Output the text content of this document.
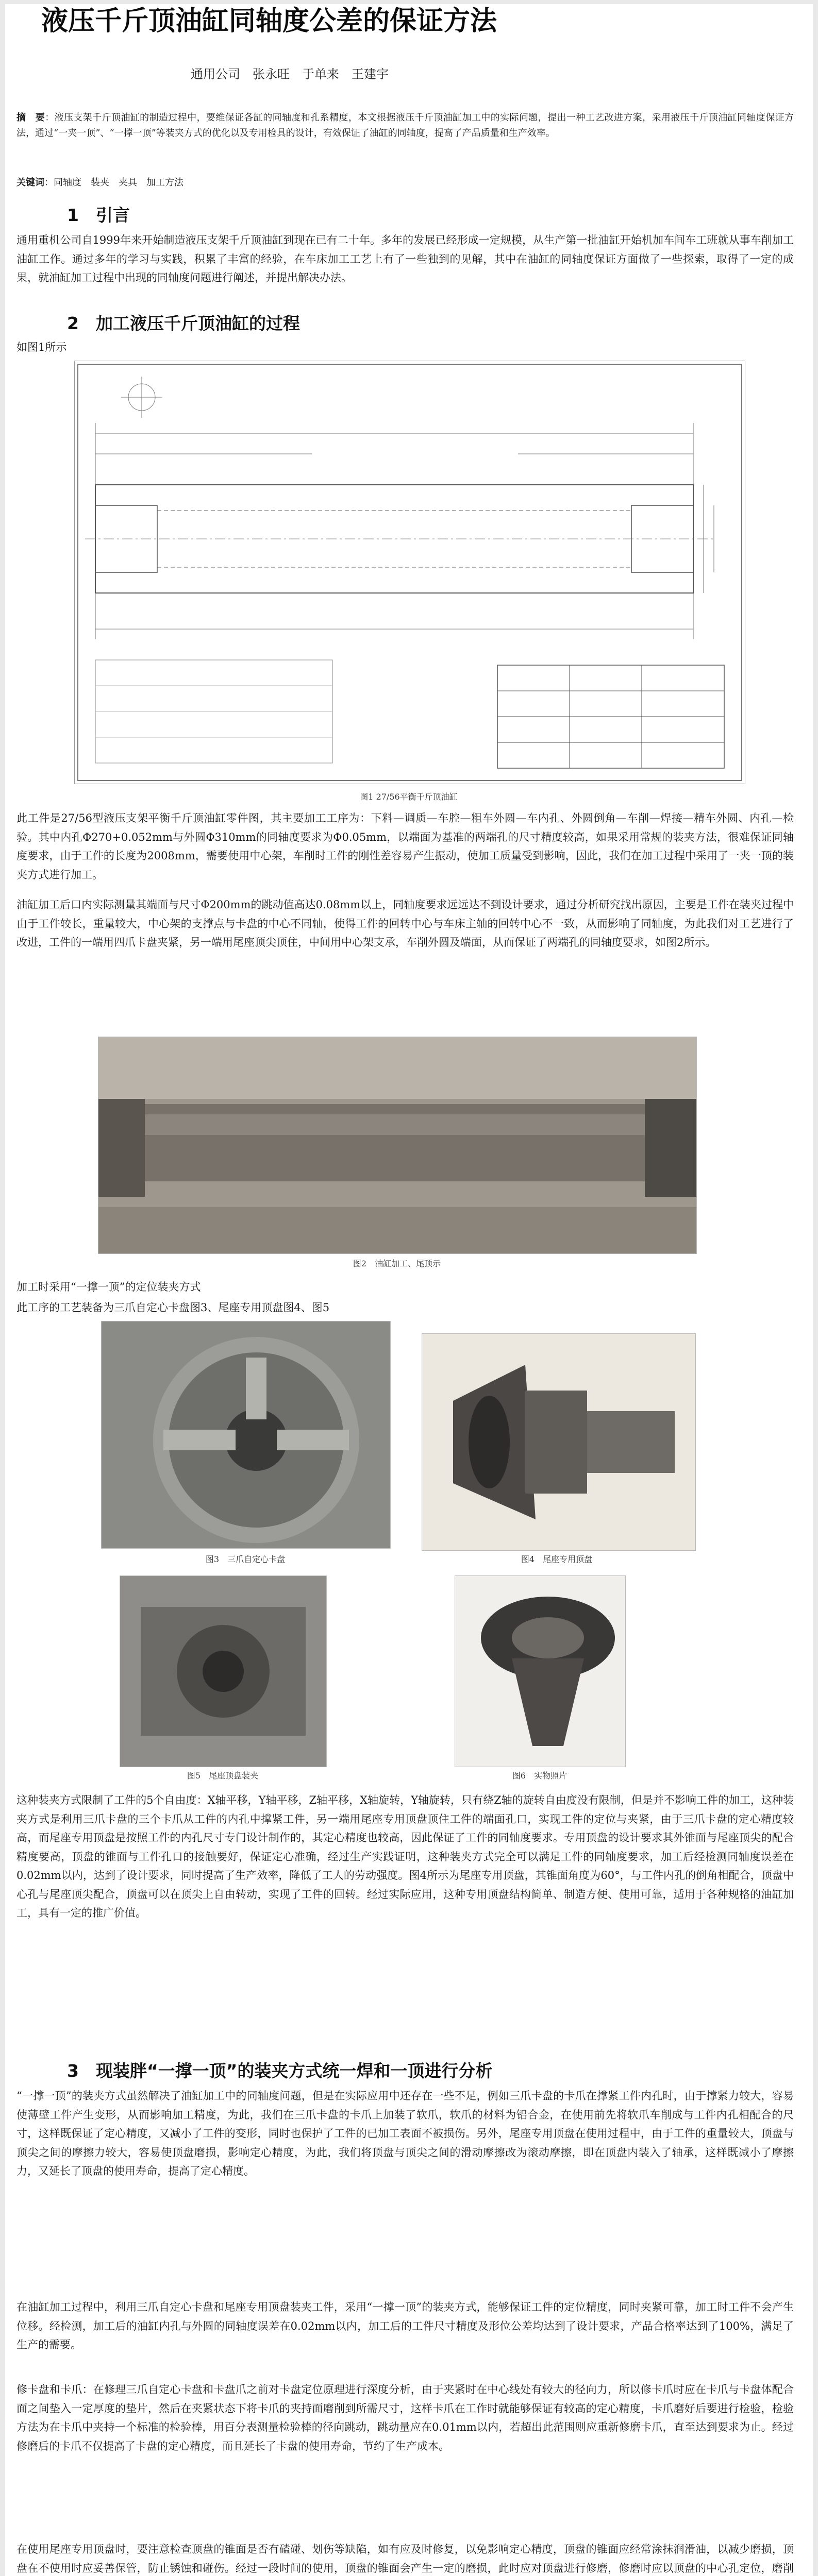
液压千斤顶油缸同轴度公差的保证方法
通用公司　张永旺　于单来　王建宇

摘　要：液压支架千斤顶油缸的制造过程中，要维保证各缸的同轴度和孔系精度，本文根据液压千斤顶油缸加工中的实际问题，提出一种工艺改进方案，采用液压千斤顶油缸同轴度保证方法，通过“一夹一顶”、“一撑一顶”等装夹方式的优化以及专用检具的设计，有效保证了油缸的同轴度，提高了产品质量和生产效率。

关键词：同轴度　装夹　夹具　加工方法

1　引言

通用重机公司自1999年来开始制造液压支架千斤顶油缸到现在已有二十年。多年的发展已经形成一定规模，从生产第一批油缸开始机加车间车工班就从事车削加工油缸工作。通过多年的学习与实践，积累了丰富的经验，在车床加工工艺上有了一些独到的见解，其中在油缸的同轴度保证方面做了一些探索，取得了一定的成果，就油缸加工过程中出现的同轴度问题进行阐述，并提出解决办法。

2　加工液压千斤顶油缸的过程

如图1所示

图1 27/56平衡千斤顶油缸

此工件是27/56型液压支架平衡千斤顶油缸零件图，其主要加工工序为：下料—调质—车腔—粗车外圆—车内孔、外圆倒角—车削—焊接—精车外圆、内孔—检验。其中内孔Φ270+0.052mm与外圆Φ310mm的同轴度要求为Φ0.05mm，以端面为基准的两端孔的尺寸精度较高，如果采用常规的装夹方法，很难保证同轴度要求，由于工件的长度为2008mm，需要使用中心架，车削时工件的刚性差容易产生振动，使加工质量受到影响，因此，我们在加工过程中采用了一夹一顶的装夹方式进行加工。

油缸加工后口内实际测量其端面与尺寸Φ200mm的跳动值高达0.08mm以上，同轴度要求远远达不到设计要求，通过分析研究找出原因，主要是工件在装夹过程中由于工件较长，重量较大，中心架的支撑点与卡盘的中心不同轴，使得工件的回转中心与车床主轴的回转中心不一致，从而影响了同轴度，为此我们对工艺进行了改进，工件的一端用四爪卡盘夹紧，另一端用尾座顶尖顶住，中间用中心架支承，车削外圆及端面，从而保证了两端孔的同轴度要求，如图2所示。

图2　油缸加工、尾顶示

加工时采用“一撑一顶”的定位装夹方式

此工序的工艺装备为三爪自定心卡盘图3、尾座专用顶盘图4、图5

图3　三爪自定心卡盘	图4　尾座专用顶盘

图5　尾座顶盘装夹	图6　实物照片

这种装夹方式限制了工件的5个自由度：X轴平移，Y轴平移，Z轴平移，X轴旋转，Y轴旋转，只有绕Z轴的旋转自由度没有限制，但是并不影响工件的加工，这种装夹方式是利用三爪卡盘的三个卡爪从工件的内孔中撑紧工件，另一端用尾座专用顶盘顶住工件的端面孔口，实现工件的定位与夹紧，由于三爪卡盘的定心精度较高，而尾座专用顶盘是按照工件的内孔尺寸专门设计制作的，其定心精度也较高，因此保证了工件的同轴度要求。专用顶盘的设计要求其外锥面与尾座顶尖的配合精度要高，顶盘的锥面与工件孔口的接触要好，保证定心准确，经过生产实践证明，这种装夹方式完全可以满足工件的同轴度要求，加工后经检测同轴度误差在0.02mm以内，达到了设计要求，同时提高了生产效率，降低了工人的劳动强度。图4所示为尾座专用顶盘，其锥面角度为60°，与工件内孔的倒角相配合，顶盘中心孔与尾座顶尖配合，顶盘可以在顶尖上自由转动，实现了工件的回转。经过实际应用，这种专用顶盘结构简单、制造方便、使用可靠，适用于各种规格的油缸加工，具有一定的推广价值。

3　现装胖“一撑一顶”的装夹方式统一焊和一顶进行分析

“一撑一顶”的装夹方式虽然解决了油缸加工中的同轴度问题，但是在实际应用中还存在一些不足，例如三爪卡盘的卡爪在撑紧工件内孔时，由于撑紧力较大，容易使薄壁工件产生变形，从而影响加工精度，为此，我们在三爪卡盘的卡爪上加装了软爪，软爪的材料为铝合金，在使用前先将软爪车削成与工件内孔相配合的尺寸，这样既保证了定心精度，又减小了工件的变形，同时也保护了工件的已加工表面不被损伤。另外，尾座专用顶盘在使用过程中，由于工件的重量较大，顶盘与顶尖之间的摩擦力较大，容易使顶盘磨损，影响定心精度，为此，我们将顶盘与顶尖之间的滑动摩擦改为滚动摩擦，即在顶盘内装入了轴承，这样既减小了摩擦力，又延长了顶盘的使用寿命，提高了定心精度。

在油缸加工过程中，利用三爪自定心卡盘和尾座专用顶盘装夹工件，采用“一撑一顶”的装夹方式，能够保证工件的定位精度，同时夹紧可靠，加工时工件不会产生位移。经检测，加工后的油缸内孔与外圆的同轴度误差在0.02mm以内，加工后的工件尺寸精度及形位公差均达到了设计要求，产品合格率达到了100%，满足了生产的需要。

修卡盘和卡爪：在修理三爪自定心卡盘和卡盘爪之前对卡盘定位原理进行深度分析，由于夹紧时在中心线处有较大的径向力，所以修卡爪时应在卡爪与卡盘体配合面之间垫入一定厚度的垫片，然后在夹紧状态下将卡爪的夹持面磨削到所需尺寸，这样卡爪在工作时就能够保证有较高的定心精度，卡爪磨好后要进行检验，检验方法为在卡爪中夹持一个标准的检验棒，用百分表测量检验棒的径向跳动，跳动量应在0.01mm以内，若超出此范围则应重新修磨卡爪，直至达到要求为止。经过修磨后的卡爪不仅提高了卡盘的定心精度，而且延长了卡盘的使用寿命，节约了生产成本。

在使用尾座专用顶盘时，要注意检查顶盘的锥面是否有磕碰、划伤等缺陷，如有应及时修复，以免影响定心精度，顶盘的锥面应经常涂抹润滑油，以减少磨损，顶盘在不使用时应妥善保管，防止锈蚀和碰伤。经过一段时间的使用，顶盘的锥面会产生一定的磨损，此时应对顶盘进行修磨，修磨时应以顶盘的中心孔定位，磨削
